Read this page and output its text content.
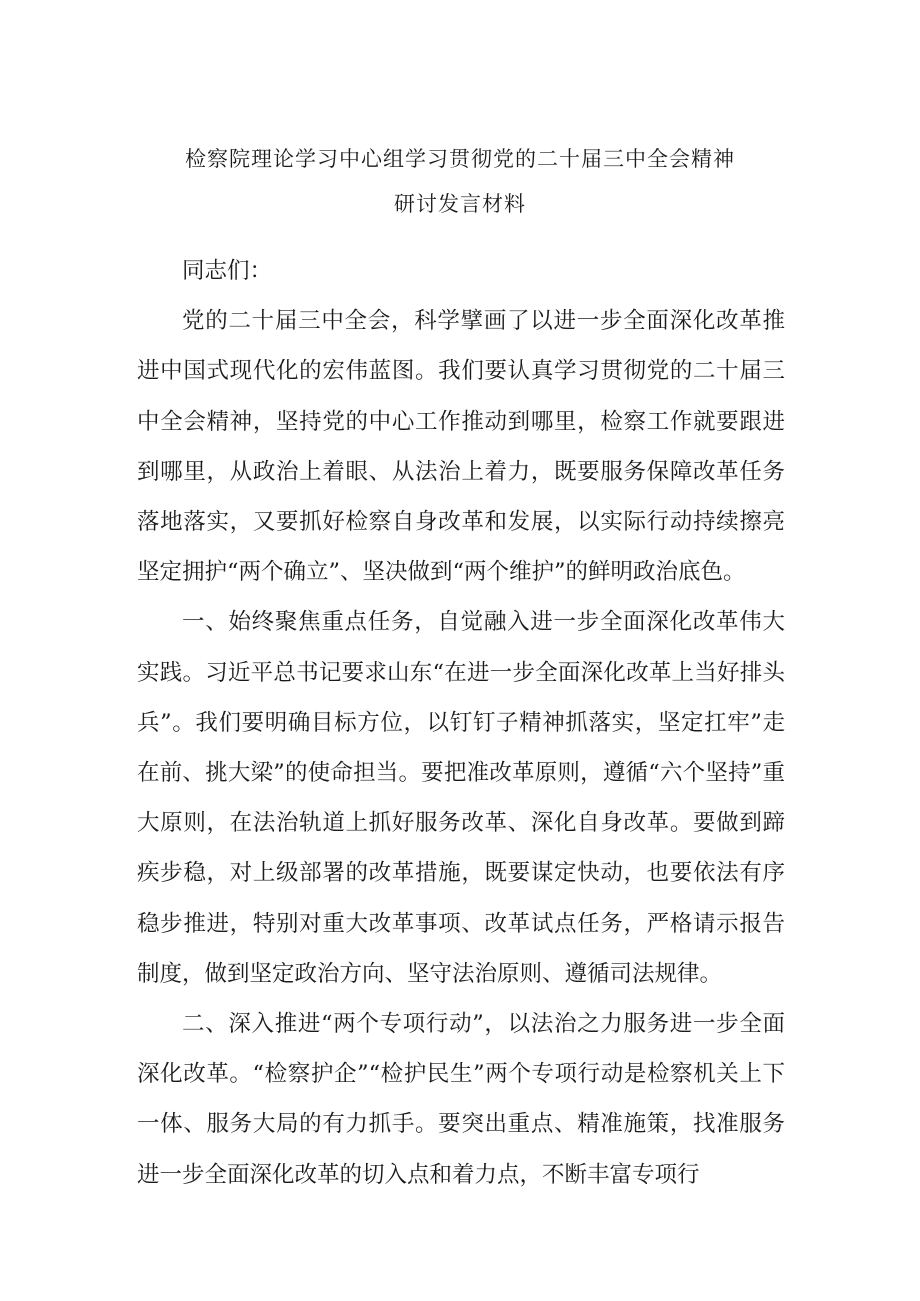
检察院理论学习中心组学习贯彻党的二十届三中全会精神
研讨发言材料

同志们：

党的二十届三中全会，科学擘画了以进一步全面深化改革推进中国式现代化的宏伟蓝图。我们要认真学习贯彻党的二十届三中全会精神，坚持党的中心工作推动到哪里，检察工作就要跟进到哪里，从政治上着眼、从法治上着力，既要服务保障改革任务落地落实，又要抓好检察自身改革和发展，以实际行动持续擦亮坚定拥护“两个确立”、坚决做到“两个维护”的鲜明政治底色。

一、始终聚焦重点任务，自觉融入进一步全面深化改革伟大实践。习近平总书记要求山东“在进一步全面深化改革上当好排头兵”。我们要明确目标方位，以钉钉子精神抓落实，坚定扛牢”走在前、挑大梁”的使命担当。要把准改革原则，遵循“六个坚持”重大原则，在法治轨道上抓好服务改革、深化自身改革。要做到蹄疾步稳，对上级部署的改革措施，既要谋定快动，也要依法有序稳步推进，特别对重大改革事项、改革试点任务，严格请示报告制度，做到坚定政治方向、坚守法治原则、遵循司法规律。

二、深入推进“两个专项行动”，以法治之力服务进一步全面深化改革。“检察护企”“检护民生”两个专项行动是检察机关上下一体、服务大局的有力抓手。要突出重点、精准施策，找准服务进一步全面深化改革的切入点和着力点，不断丰富专项行
